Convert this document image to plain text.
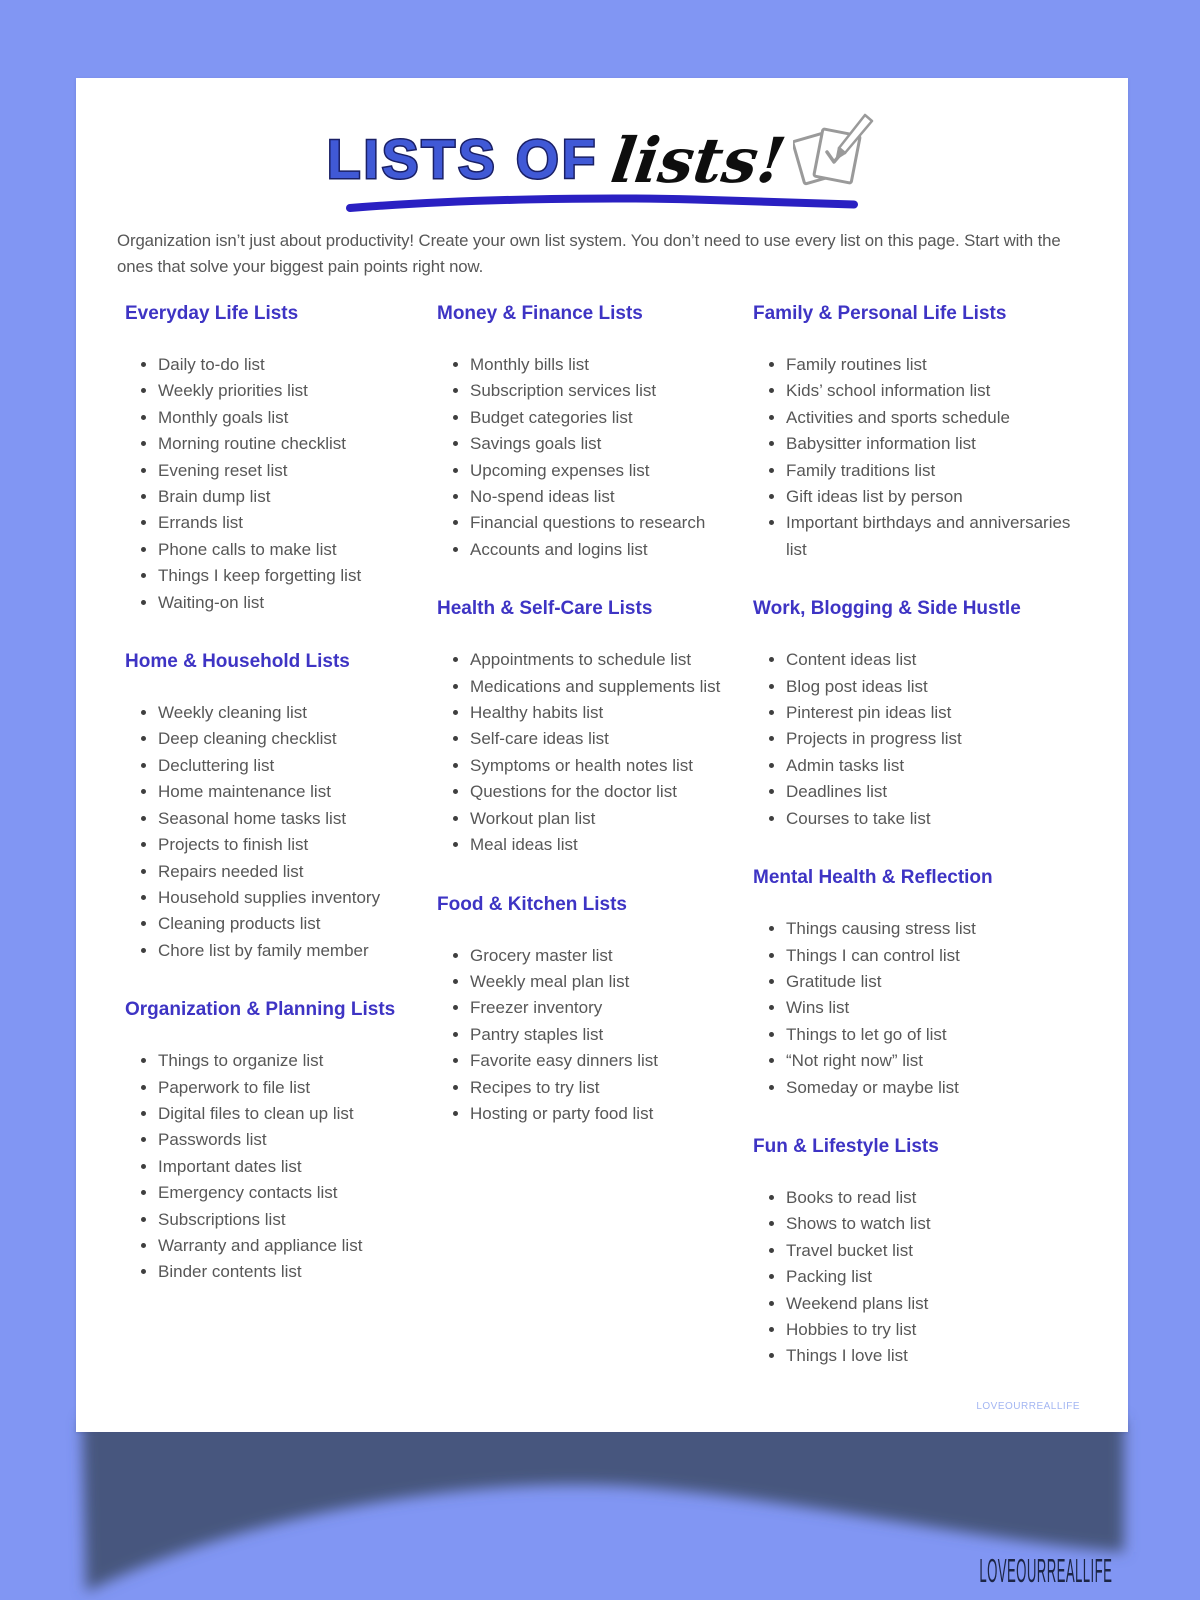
LISTS OF lists!

Organization isn’t just about productivity! Create your own list system. You don’t need to use every list on this page. Start with the ones that solve your biggest pain points right now.

Everyday Life Lists
• Daily to-do list
• Weekly priorities list
• Monthly goals list
• Morning routine checklist
• Evening reset list
• Brain dump list
• Errands list
• Phone calls to make list
• Things I keep forgetting list
• Waiting-on list
Home & Household Lists
• Weekly cleaning list
• Deep cleaning checklist
• Decluttering list
• Home maintenance list
• Seasonal home tasks list
• Projects to finish list
• Repairs needed list
• Household supplies inventory
• Cleaning products list
• Chore list by family member
Organization & Planning Lists
• Things to organize list
• Paperwork to file list
• Digital files to clean up list
• Passwords list
• Important dates list
• Emergency contacts list
• Subscriptions list
• Warranty and appliance list
• Binder contents list
Money & Finance Lists
• Monthly bills list
• Subscription services list
• Budget categories list
• Savings goals list
• Upcoming expenses list
• No-spend ideas list
• Financial questions to research
• Accounts and logins list
Health & Self-Care Lists
• Appointments to schedule list
• Medications and supplements list
• Healthy habits list
• Self-care ideas list
• Symptoms or health notes list
• Questions for the doctor list
• Workout plan list
• Meal ideas list
Food & Kitchen Lists
• Grocery master list
• Weekly meal plan list
• Freezer inventory
• Pantry staples list
• Favorite easy dinners list
• Recipes to try list
• Hosting or party food list
Family & Personal Life Lists
• Family routines list
• Kids’ school information list
• Activities and sports schedule
• Babysitter information list
• Family traditions list
• Gift ideas list by person
• Important birthdays and anniversaries list
Work, Blogging & Side Hustle
• Content ideas list
• Blog post ideas list
• Pinterest pin ideas list
• Projects in progress list
• Admin tasks list
• Deadlines list
• Courses to take list
Mental Health & Reflection
• Things causing stress list
• Things I can control list
• Gratitude list
• Wins list
• Things to let go of list
• “Not right now” list
• Someday or maybe list
Fun & Lifestyle Lists
• Books to read list
• Shows to watch list
• Travel bucket list
• Packing list
• Weekend plans list
• Hobbies to try list
• Things I love list
LOVEOURREALLIFE
LOVEOURREALLIFE
